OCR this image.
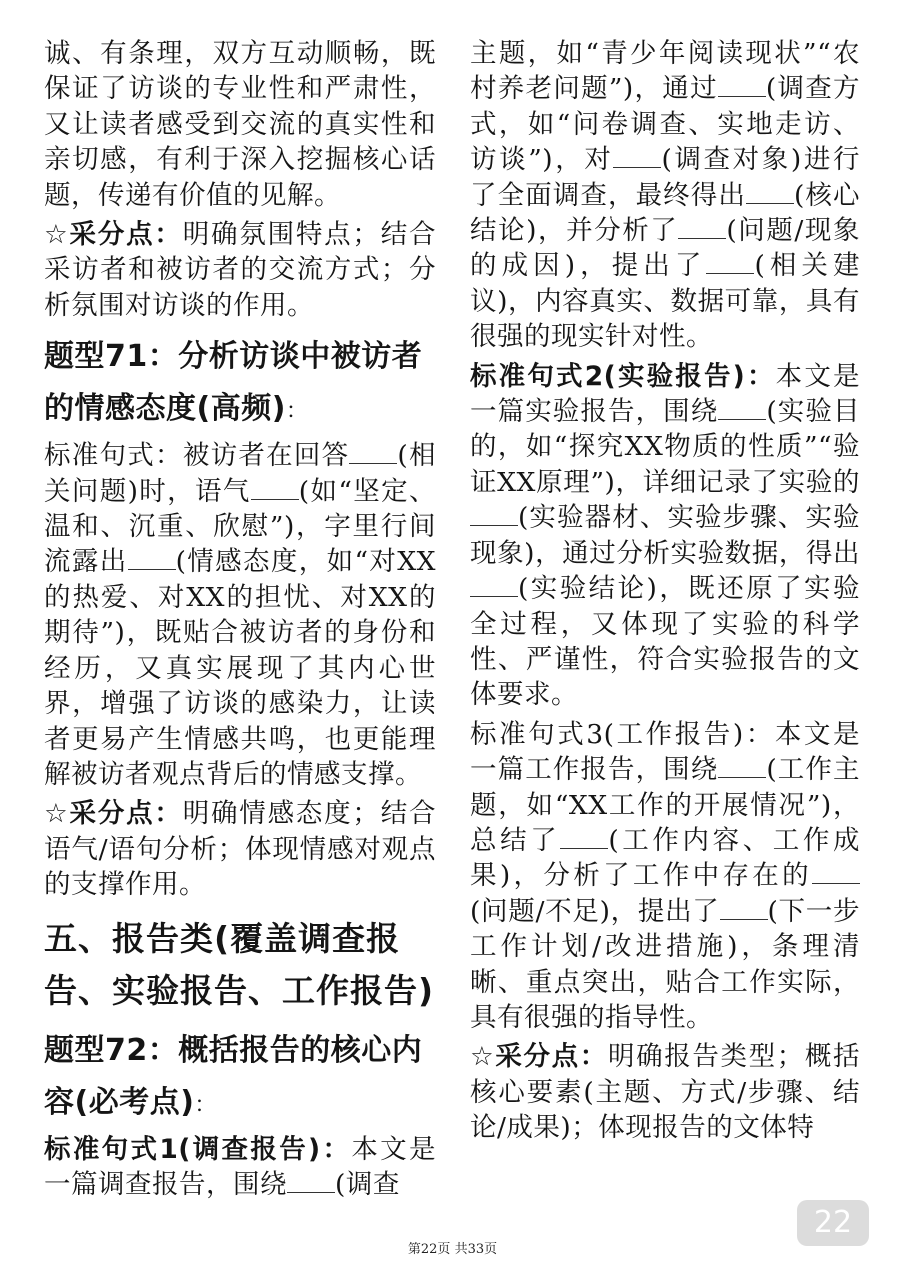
诚、有条理，双方互动顺畅，既保证了访谈的专业性和严肃性，又让读者感受到交流的真实性和亲切感，有利于深入挖掘核心话题，传递有价值的见解。

☆采分点：明确氛围特点；结合采访者和被访者的交流方式；分析氛围对访谈的作用。

题型71：分析访谈中被访者的情感态度(高频)：

标准句式：被访者在回答 (相关问题)时，语气 (如“坚定、温和、沉重、欣慰”)，字里行间流露出 (情感态度，如“对XX的热爱、对XX的担忧、对XX的期待”)，既贴合被访者的身份和经历，又真实展现了其内心世界，增强了访谈的感染力，让读者更易产生情感共鸣，也更能理解被访者观点背后的情感支撑。

☆采分点：明确情感态度；结合语气/语句分析；体现情感对观点的支撑作用。

五、报告类(覆盖调查报告、实验报告、工作报告)
题型72：概括报告的核心内容(必考点)：

标准句式1(调查报告)：本文是一篇调查报告，围绕 (调查

主题，如“青少年阅读现状”“农村养老问题”)，通过 (调查方式，如“问卷调查、实地走访、访谈”)，对 (调查对象)进行了全面调查，最终得出 (核心结论)，并分析了 (问题/现象的成因)，提出了 (相关建议)，内容真实、数据可靠，具有很强的现实针对性。

标准句式2(实验报告)：本文是一篇实验报告，围绕 (实验目的，如“探究XX物质的性质”“验证XX原理”)，详细记录了实验的(实验器材、实验步骤、实验现象)，通过分析实验数据，得出(实验结论)，既还原了实验全过程，又体现了实验的科学性、严谨性，符合实验报告的文体要求。

标准句式3(工作报告)：本文是一篇工作报告，围绕 (工作主题，如“XX工作的开展情况”)，总结了 (工作内容、工作成果)，分析了工作中存在的(问题/不足)，提出了 (下一步工作计划/改进措施)，条理清晰、重点突出，贴合工作实际，具有很强的指导性。

☆采分点：明确报告类型；概括核心要素(主题、方式/步骤、结论/成果)；体现报告的文体特

22
第22页 共33页
